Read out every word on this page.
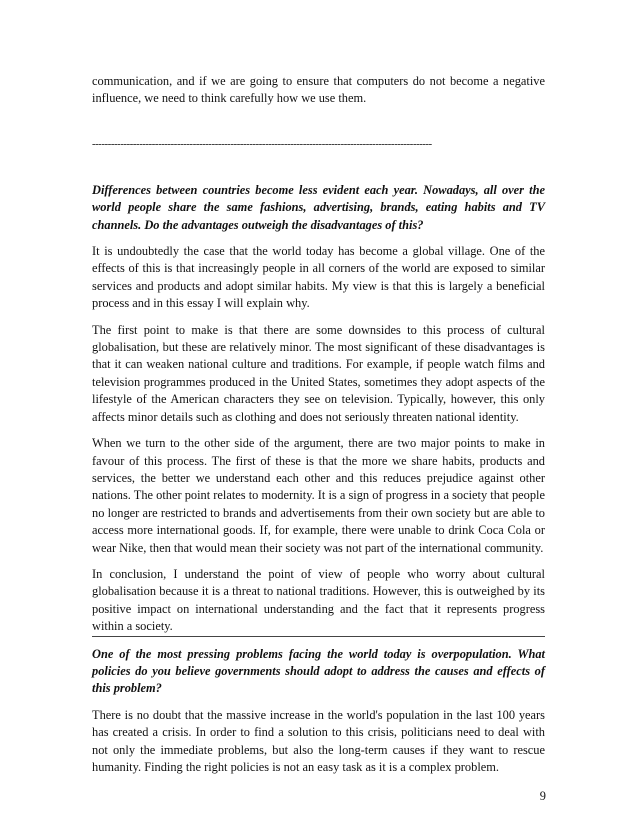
communication, and if we are going to ensure that computers do not become a negative influence, we need to think carefully how we use them.

------------------------------------------------------------------------------------------------------------

Differences between countries become less evident each year. Nowadays, all over the world people share the same fashions, advertising, brands, eating habits and TV channels. Do the advantages outweigh the disadvantages of this?

It is undoubtedly the case that the world today has become a global village. One of the effects of this is that increasingly people in all corners of the world are exposed to similar services and products and adopt similar habits. My view is that this is largely a beneficial process and in this essay I will explain why.

The first point to make is that there are some downsides to this process of cultural globalisation, but these are relatively minor. The most significant of these disadvantages is that it can weaken national culture and traditions. For example, if people watch films and television programmes produced in the United States, sometimes they adopt aspects of the lifestyle of the American characters they see on television. Typically, however, this only affects minor details such as clothing and does not seriously threaten national identity.

When we turn to the other side of the argument, there are two major points to make in favour of this process. The first of these is that the more we share habits, products and services, the better we understand each other and this reduces prejudice against other nations. The other point relates to modernity. It is a sign of progress in a society that people no longer are restricted to brands and advertisements from their own society but are able to access more international goods. If, for example, there were unable to drink Coca Cola or wear Nike, then that would mean their society was not part of the international community.

In conclusion, I understand the point of view of people who worry about cultural globalisation because it is a threat to national traditions. However, this is outweighed by its positive impact on international understanding and the fact that it represents progress within a society.

One of the most pressing problems facing the world today is overpopulation. What policies do you believe governments should adopt to address the causes and effects of this problem?

There is no doubt that the massive increase in the world's population in the last 100 years has created a crisis. In order to find a solution to this crisis, politicians need to deal with not only the immediate problems, but also the long-term causes if they want to rescue humanity. Finding the right policies is not an easy task as it is a complex problem.

9
